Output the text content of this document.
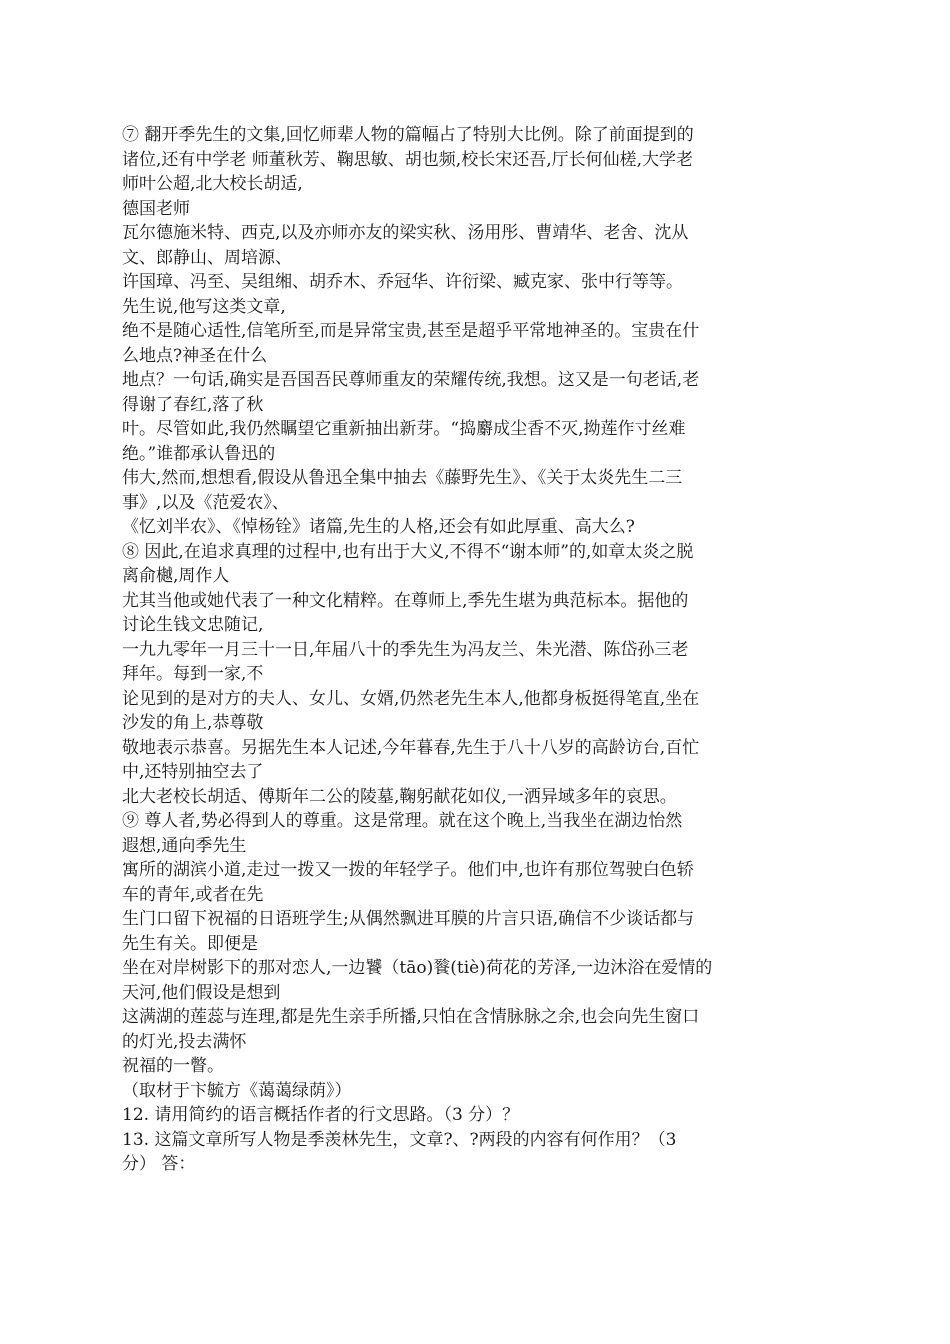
⑦ 翻开季先生的文集,回忆师辈人物的篇幅占了特别大比例。除了前面提到的
诸位,还有中学老 师董秋芳、鞠思敏、胡也频,校长宋还吾,厅长何仙槎,大学老
师叶公超,北大校长胡适,
德国老师
瓦尔德施米特、西克,以及亦师亦友的梁实秋、汤用彤、曹靖华、老舍、沈从
文、郎静山、周培源、
许国璋、冯至、吴组缃、胡乔木、乔冠华、许衍梁、臧克家、张中行等等。
先生说,他写这类文章,
绝不是随心适性,信笔所至,而是异常宝贵,甚至是超乎平常地神圣的。宝贵在什
么地点?神圣在什么
地点？一句话,确实是吾国吾民尊师重友的荣耀传统,我想。这又是一句老话,老
得谢了春红,落了秋
叶。尽管如此,我仍然瞩望它重新抽出新芽。“捣麝成尘香不灭,拗莲作寸丝难
绝。”谁都承认鲁迅的
伟大,然而,想想看,假设从鲁迅全集中抽去《藤野先生》、《关于太炎先生二三
事》,以及《范爱农》、
《忆刘半农》、《悼杨铨》诸篇,先生的人格,还会有如此厚重、高大么?
⑧ 因此,在追求真理的过程中,也有出于大义,不得不“谢本师”的,如章太炎之脱
离俞樾,周作人
尤其当他或她代表了一种文化精粹。在尊师上,季先生堪为典范标本。据他的
讨论生钱文忠随记,
一九九零年一月三十一日,年届八十的季先生为冯友兰、朱光潜、陈岱孙三老
拜年。每到一家,不
论见到的是对方的夫人、女儿、女婿,仍然老先生本人,他都身板挺得笔直,坐在
沙发的角上,恭尊敬
敬地表示恭喜。另据先生本人记述,今年暮春,先生于八十八岁的高龄访台,百忙
中,还特别抽空去了
北大老校长胡适、傅斯年二公的陵墓,鞠躬献花如仪,一洒异域多年的哀思。
⑨ 尊人者,势必得到人的尊重。这是常理。就在这个晚上,当我坐在湖边怡然
遐想,通向季先生
寓所的湖滨小道,走过一拨又一拨的年轻学子。他们中,也许有那位驾驶白色轿
车的青年,或者在先
生门口留下祝福的日语班学生;从偶然飘进耳膜的片言只语,确信不少谈话都与
先生有关。即便是
坐在对岸树影下的那对恋人,一边饕（tāo)餮(tiè)荷花的芳泽,一边沐浴在爱情的
天河,他们假设是想到
这满湖的莲蕊与连理,都是先生亲手所播,只怕在含情脉脉之余,也会向先生窗口
的灯光,投去满怀
祝福的一瞥。
（取材于卞毓方《蔼蔼绿荫》）
12. 请用简约的语言概括作者的行文思路。（3 分）？
13. 这篇文章所写人物是季羡林先生，文章?、?两段的内容有何作用？（3
分） 答：
